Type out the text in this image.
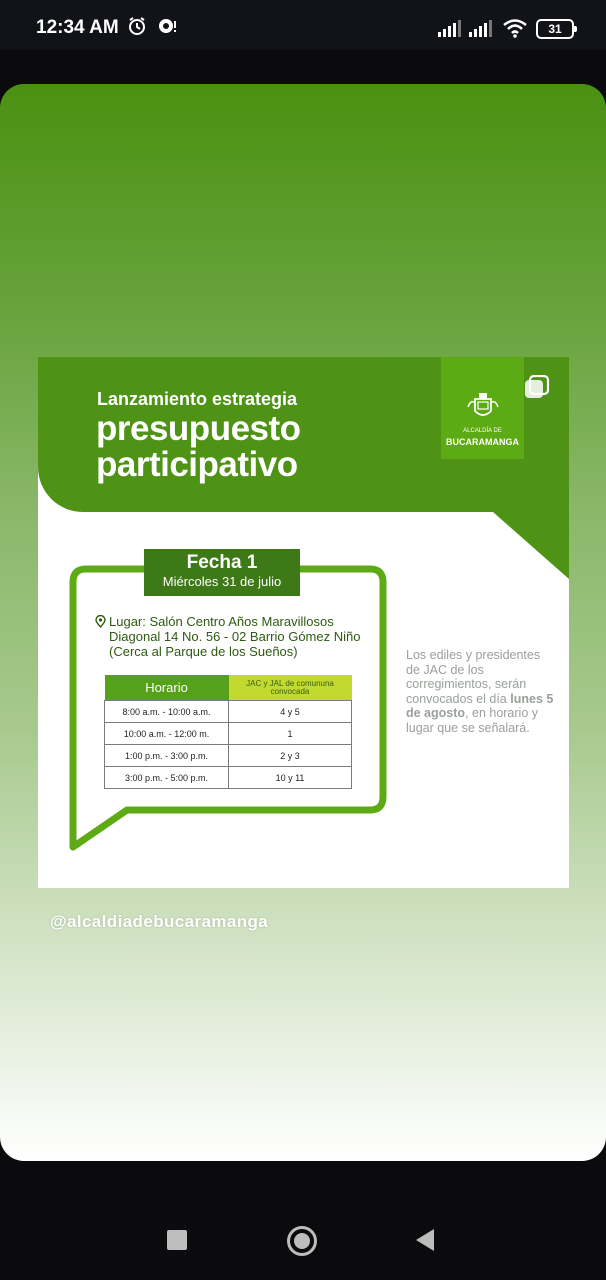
12:34 AM	31
Lanzamiento estrategia
presupuesto
participativo
ALCALDÍA DE
BUCARAMANGA
Fecha 1
Miércoles 31 de julio
Lugar: Salón Centro Años Maravillosos
Diagonal 14 No. 56 - 02 Barrio Gómez Niño
(Cerca al Parque de los Sueños)
Horario	JAC y JAL de comununa convocada
8:00 a.m. - 10:00 a.m.	4 y 5
10:00 a.m. - 12:00 m.	1
1:00 p.m. - 3:00 p.m.	2 y 3
3:00 p.m. - 5:00 p.m.	10 y 11
Los ediles y presidentes de JAC de los corregimientos, serán convocados el día lunes 5 de agosto, en horario y lugar que se señalará.
@alcaldiadebucaramanga
